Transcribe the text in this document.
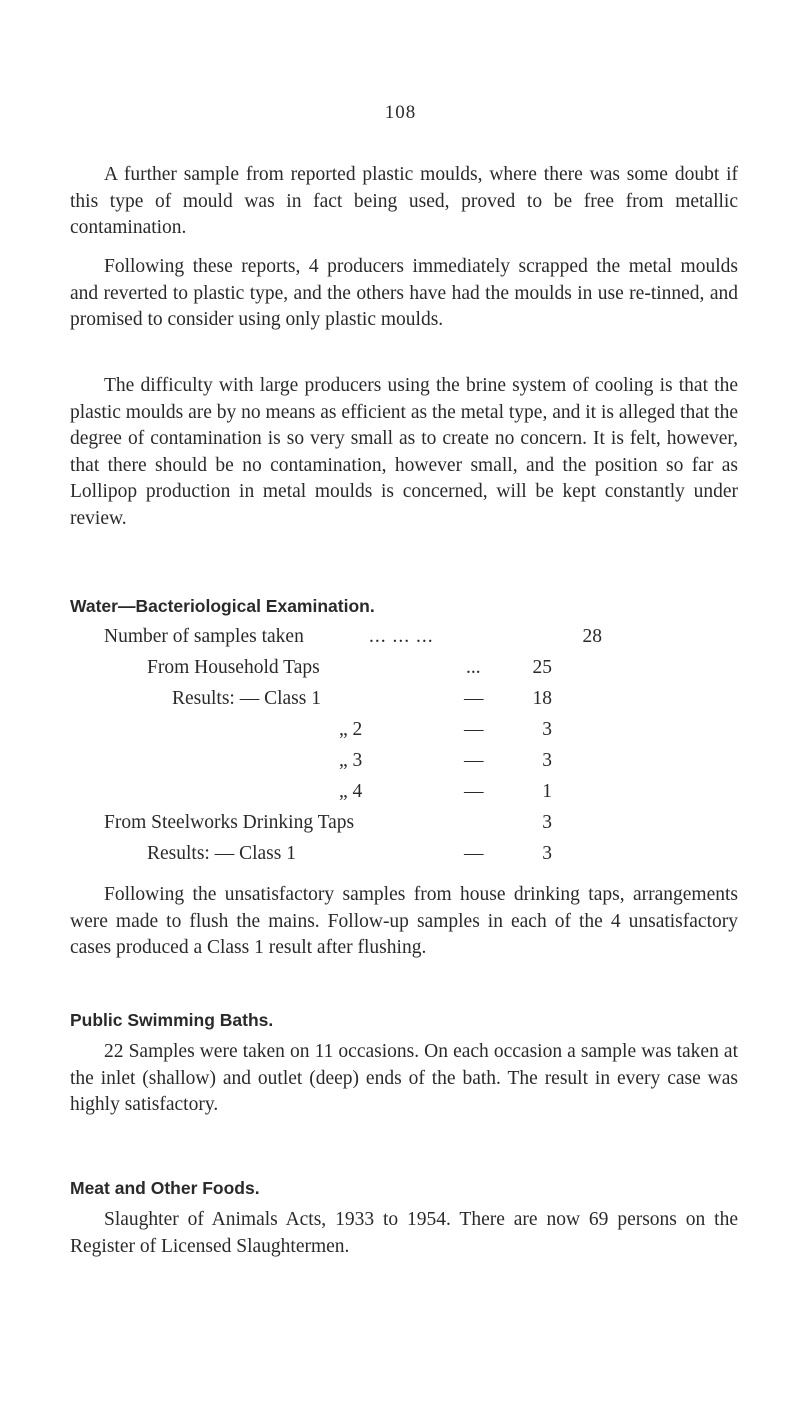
108

A further sample from reported plastic moulds, where there was some doubt if this type of mould was in fact being used, proved to be free from metallic contamination.

Following these reports, 4 producers immediately scrapped the metal moulds and reverted to plastic type, and the others have had the moulds in use re-tinned, and promised to consider using only plastic moulds.

The difficulty with large producers using the brine system of cooling is that the plastic moulds are by no means as efficient as the metal type, and it is alleged that the degree of contamination is so very small as to create no concern. It is felt, however, that there should be no contamination, however small, and the position so far as Lollipop production in metal moulds is concerned, will be kept constantly under review.

Water—Bacteriological Examination.
Number of samples taken	... ... ...	28
From Household Taps	...	25
Results: — Class 1	—	18
„ 2	—	3
„ 3	—	3
„ 4	—	1
From Steelworks Drinking Taps	3
Results: — Class 1	—	3

Following the unsatisfactory samples from house drinking taps, arrangements were made to flush the mains. Follow-up samples in each of the 4 unsatisfactory cases produced a Class 1 result after flushing.

Public Swimming Baths.

22 Samples were taken on 11 occasions. On each occasion a sample was taken at the inlet (shallow) and outlet (deep) ends of the bath. The result in every case was highly satisfactory.

Meat and Other Foods.

Slaughter of Animals Acts, 1933 to 1954. There are now 69 persons on the Register of Licensed Slaughtermen.
